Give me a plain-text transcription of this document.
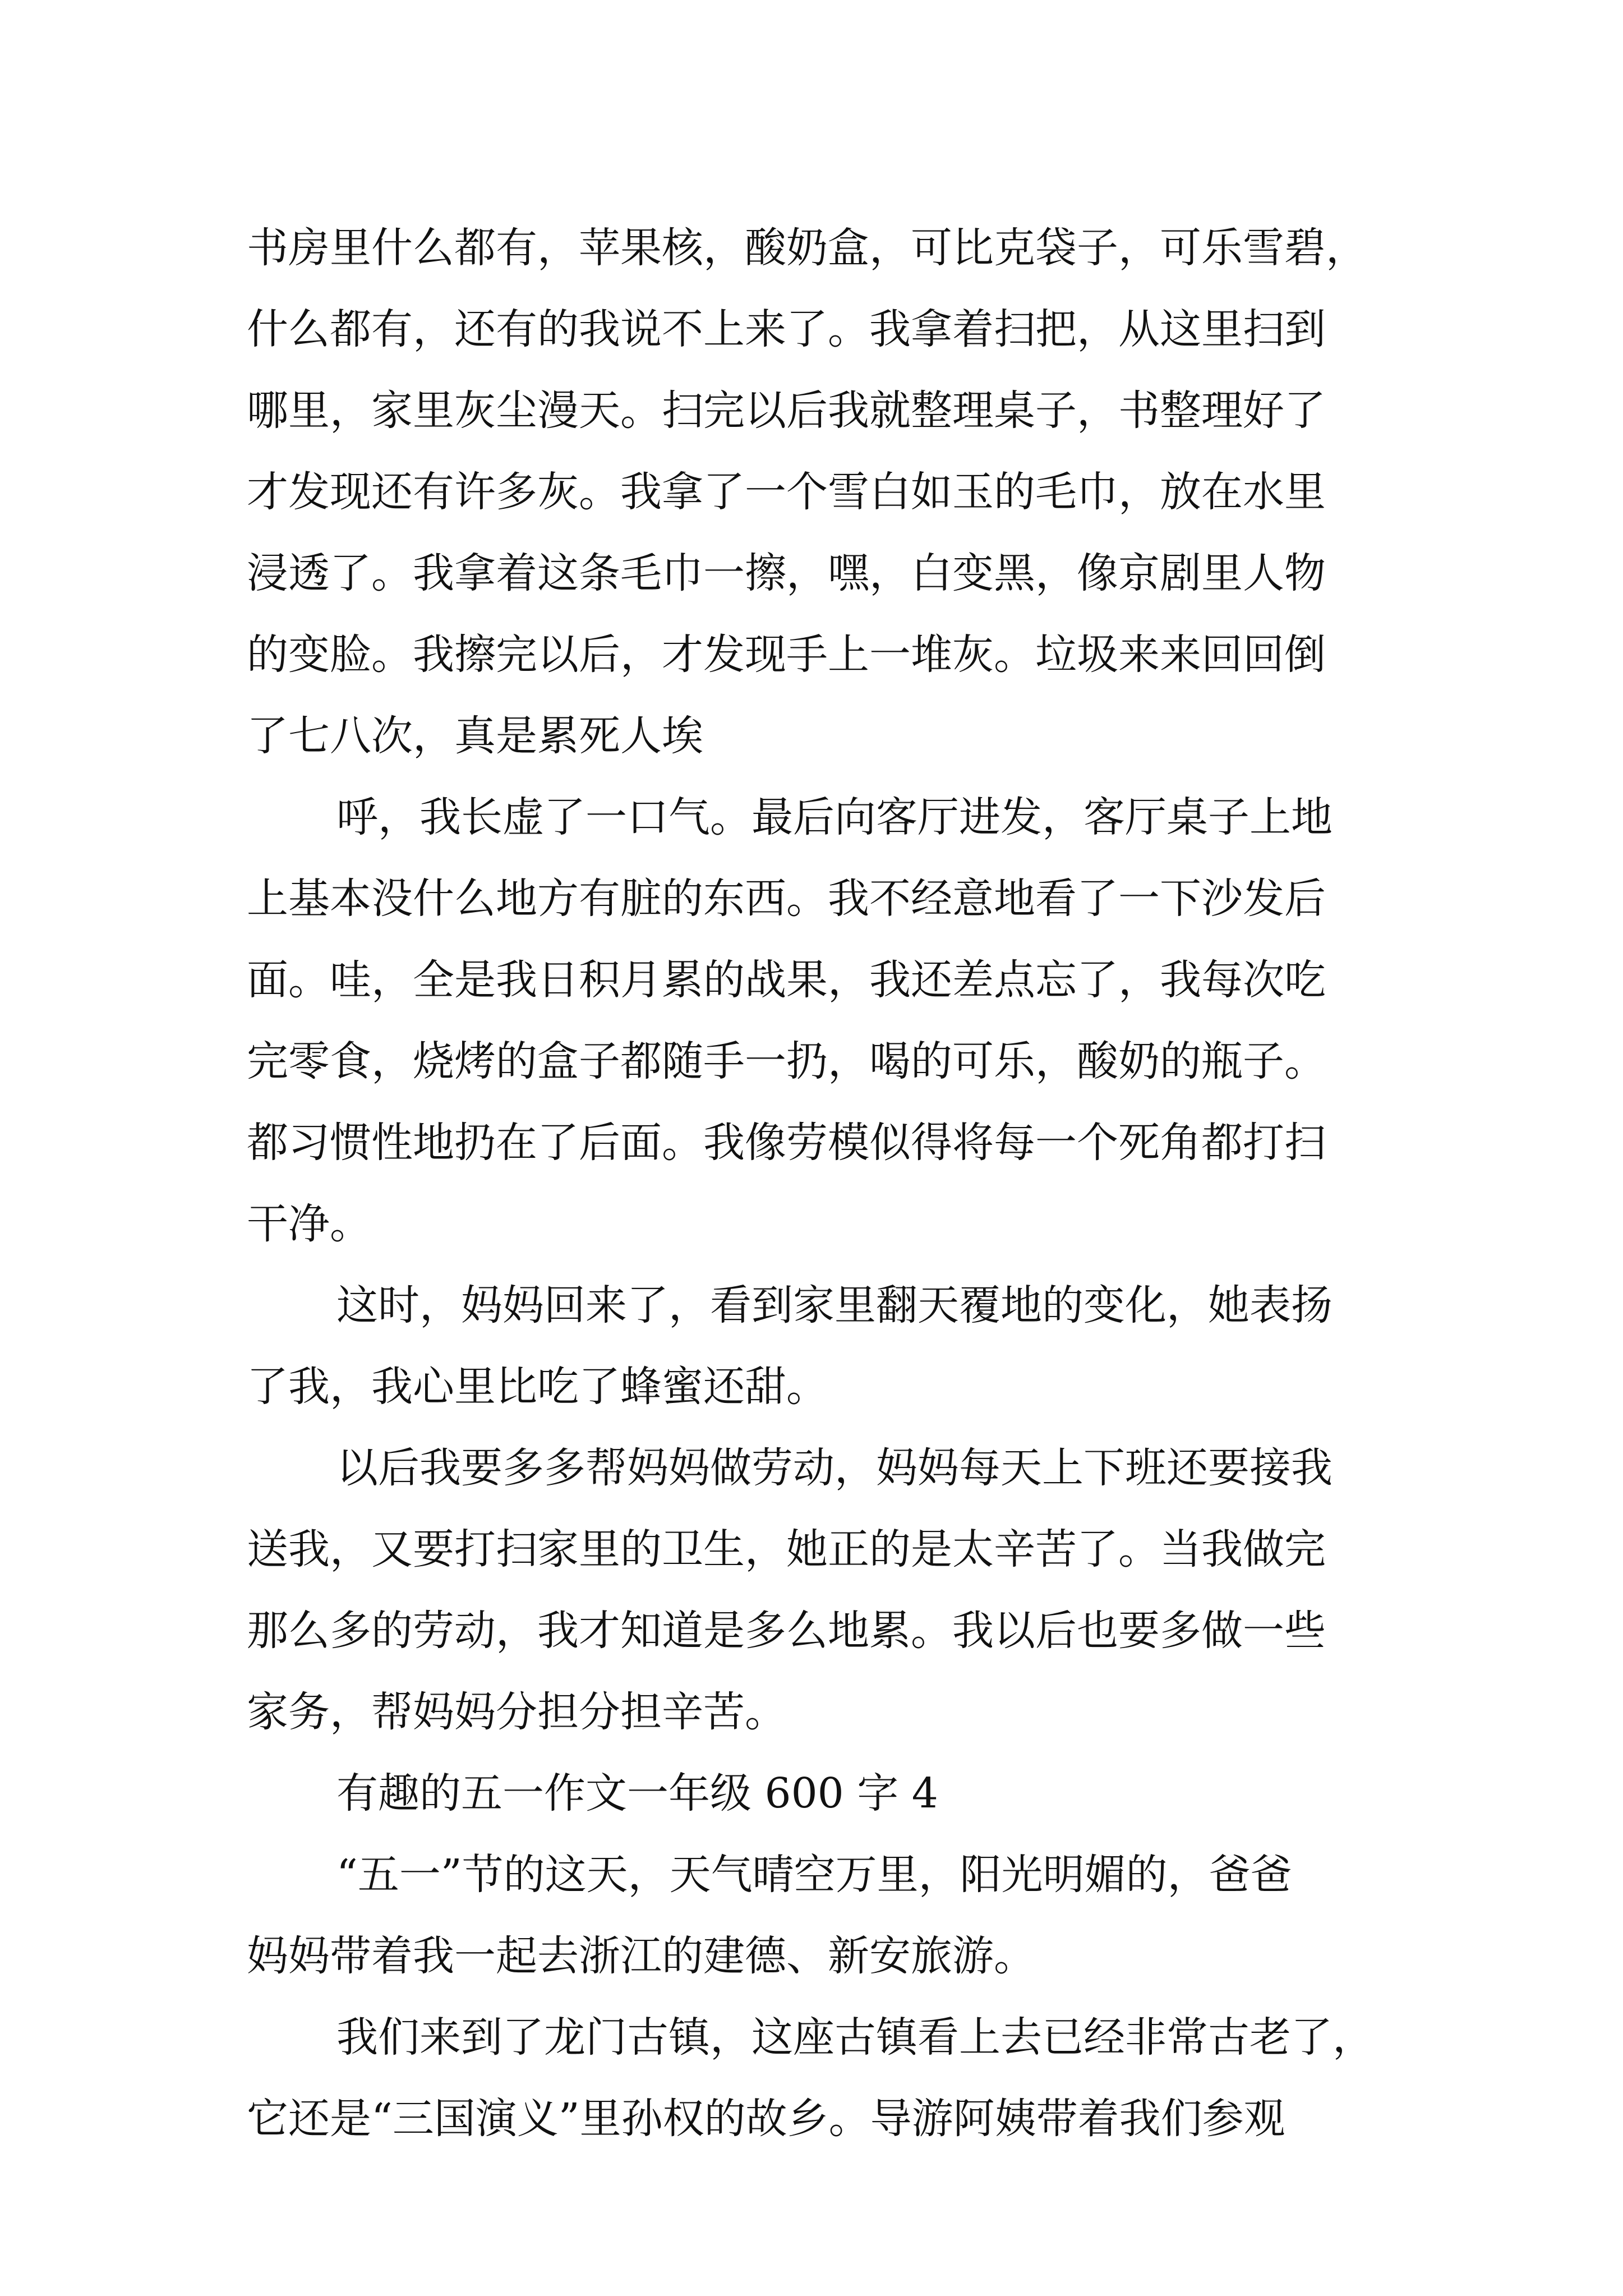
书房里什么都有，苹果核，酸奶盒，可比克袋子，可乐雪碧，
什么都有，还有的我说不上来了。我拿着扫把，从这里扫到
哪里，家里灰尘漫天。扫完以后我就整理桌子，书整理好了
才发现还有许多灰。我拿了一个雪白如玉的毛巾，放在水里
浸透了。我拿着这条毛巾一擦，嘿，白变黑，像京剧里人物
的变脸。我擦完以后，才发现手上一堆灰。垃圾来来回回倒
了七八次，真是累死人埃
呼，我长虚了一口气。最后向客厅进发，客厅桌子上地
上基本没什么地方有脏的东西。我不经意地看了一下沙发后
面。哇，全是我日积月累的战果，我还差点忘了，我每次吃
完零食，烧烤的盒子都随手一扔，喝的可乐，酸奶的瓶子。
都习惯性地扔在了后面。我像劳模似得将每一个死角都打扫
干净。
这时，妈妈回来了，看到家里翻天覆地的变化，她表扬
了我，我心里比吃了蜂蜜还甜。
以后我要多多帮妈妈做劳动，妈妈每天上下班还要接我
送我，又要打扫家里的卫生，她正的是太辛苦了。当我做完
那么多的劳动，我才知道是多么地累。我以后也要多做一些
家务，帮妈妈分担分担辛苦。
有趣的五一作文一年级 600 字 4
“五一”节的这天，天气晴空万里，阳光明媚的，爸爸
妈妈带着我一起去浙江的建德、新安旅游。
我们来到了龙门古镇，这座古镇看上去已经非常古老了，
它还是“三国演义”里孙权的故乡。导游阿姨带着我们参观
